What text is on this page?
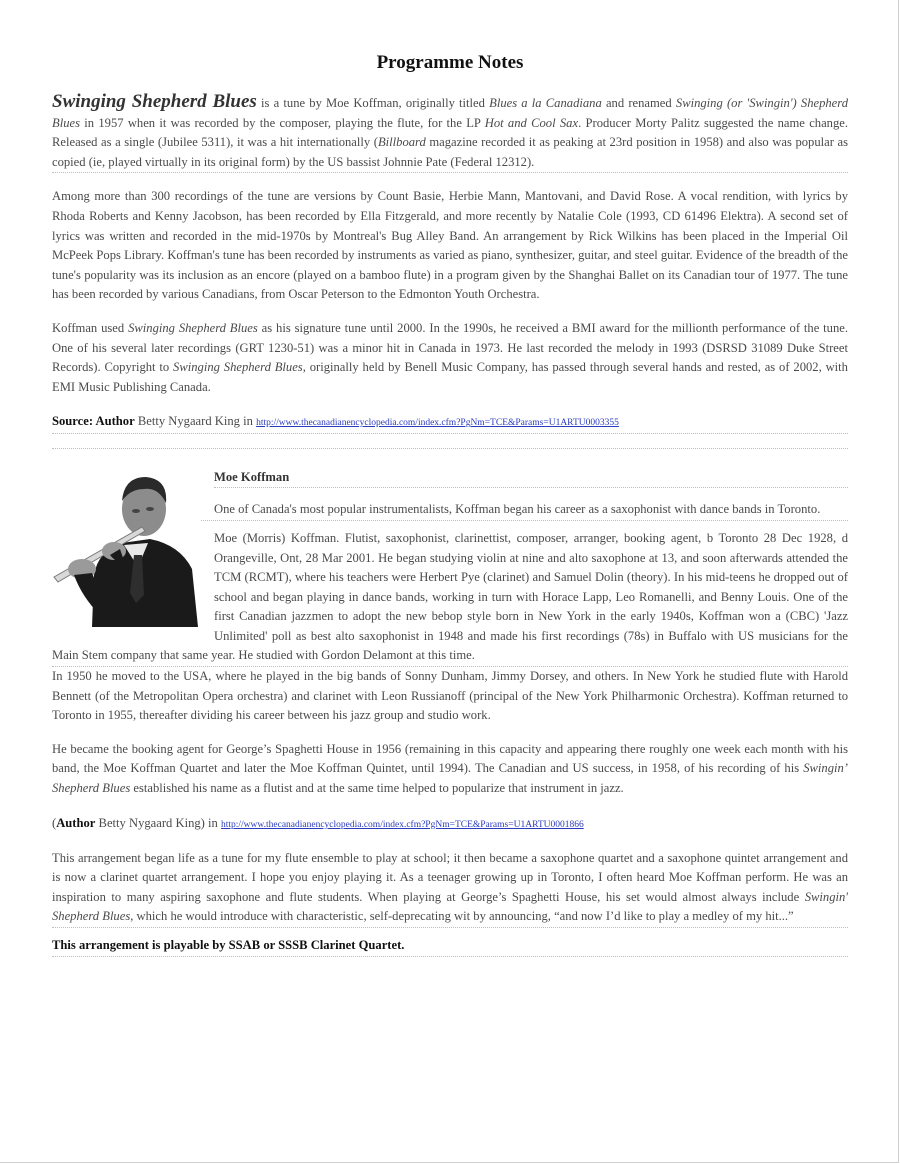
Programme Notes

Swinging Shepherd Blues is a tune by Moe Koffman, originally titled Blues a la Canadiana and renamed Swinging (or 'Swingin') Shepherd Blues in 1957 when it was recorded by the composer, playing the flute, for the LP Hot and Cool Sax. Producer Morty Palitz suggested the name change. Released as a single (Jubilee 5311), it was a hit internationally (Billboard magazine recorded it as peaking at 23rd position in 1958) and also was popular as copied (ie, played virtually in its original form) by the US bassist Johnnie Pate (Federal 12312).

Among more than 300 recordings of the tune are versions by Count Basie, Herbie Mann, Mantovani, and David Rose. A vocal rendition, with lyrics by Rhoda Roberts and Kenny Jacobson, has been recorded by Ella Fitzgerald, and more recently by Natalie Cole (1993, CD 61496 Elektra). A second set of lyrics was written and recorded in the mid-1970s by Montreal's Bug Alley Band. An arrangement by Rick Wilkins has been placed in the Imperial Oil McPeek Pops Library. Koffman's tune has been recorded by instruments as varied as piano, synthesizer, guitar, and steel guitar. Evidence of the breadth of the tune's popularity was its inclusion as an encore (played on a bamboo flute) in a program given by the Shanghai Ballet on its Canadian tour of 1977. The tune has been recorded by various Canadians, from Oscar Peterson to the Edmonton Youth Orchestra.

Koffman used Swinging Shepherd Blues as his signature tune until 2000. In the 1990s, he received a BMI award for the millionth performance of the tune. One of his several later recordings (GRT 1230-51) was a minor hit in Canada in 1973. He last recorded the melody in 1993 (DSRSD 31089 Duke Street Records). Copyright to Swinging Shepherd Blues, originally held by Benell Music Company, has passed through several hands and rested, as of 2002, with EMI Music Publishing Canada.

Source: Author Betty Nygaard King in http://www.thecanadianencyclopedia.com/index.cfm?PgNm=TCE&Params=U1ARTU0003355
Moe Koffman

One of Canada's most popular instrumentalists, Koffman began his career as a saxophonist with dance bands in Toronto.

Moe (Morris) Koffman. Flutist, saxophonist, clarinettist, composer, arranger, booking agent, b Toronto 28 Dec 1928, d Orangeville, Ont, 28 Mar 2001. He began studying violin at nine and alto saxophone at 13, and soon afterwards attended the TCM (RCMT), where his teachers were Herbert Pye (clarinet) and Samuel Dolin (theory). In his mid-teens he dropped out of school and began playing in dance bands, working in turn with Horace Lapp, Leo Romanelli, and Benny Louis. One of the first Canadian jazzmen to adopt the new bebop style born in New York in the early 1940s, Koffman won a (CBC) 'Jazz Unlimited' poll as best alto saxophonist in 1948 and made his first recordings (78s) in Buffalo with US musicians for the Main Stem company that same year. He studied with Gordon Delamont at this time.

In 1950 he moved to the USA, where he played in the big bands of Sonny Dunham, Jimmy Dorsey, and others. In New York he studied flute with Harold Bennett (of the Metropolitan Opera orchestra) and clarinet with Leon Russianoff (principal of the New York Philharmonic Orchestra). Koffman returned to Toronto in 1955, thereafter dividing his career between his jazz group and studio work.

He became the booking agent for George’s Spaghetti House in 1956 (remaining in this capacity and appearing there roughly one week each month with his band, the Moe Koffman Quartet and later the Moe Koffman Quintet, until 1994). The Canadian and US success, in 1958, of his recording of his Swingin’ Shepherd Blues established his name as a flutist and at the same time helped to popularize that instrument in jazz.

(Author Betty Nygaard King) in http://www.thecanadianencyclopedia.com/index.cfm?PgNm=TCE&Params=U1ARTU0001866

This arrangement began life as a tune for my flute ensemble to play at school; it then became a saxophone quartet and a saxophone quintet arrangement and is now a clarinet quartet arrangement. I hope you enjoy playing it. As a teenager growing up in Toronto, I often heard Moe Koffman perform. He was an inspiration to many aspiring saxophone and flute students. When playing at George’s Spaghetti House, his set would almost always include Swingin' Shepherd Blues, which he would introduce with characteristic, self-deprecating wit by announcing, “and now I’d like to play a medley of my hit...”

This arrangement is playable by SSAB or SSSB Clarinet Quartet.
